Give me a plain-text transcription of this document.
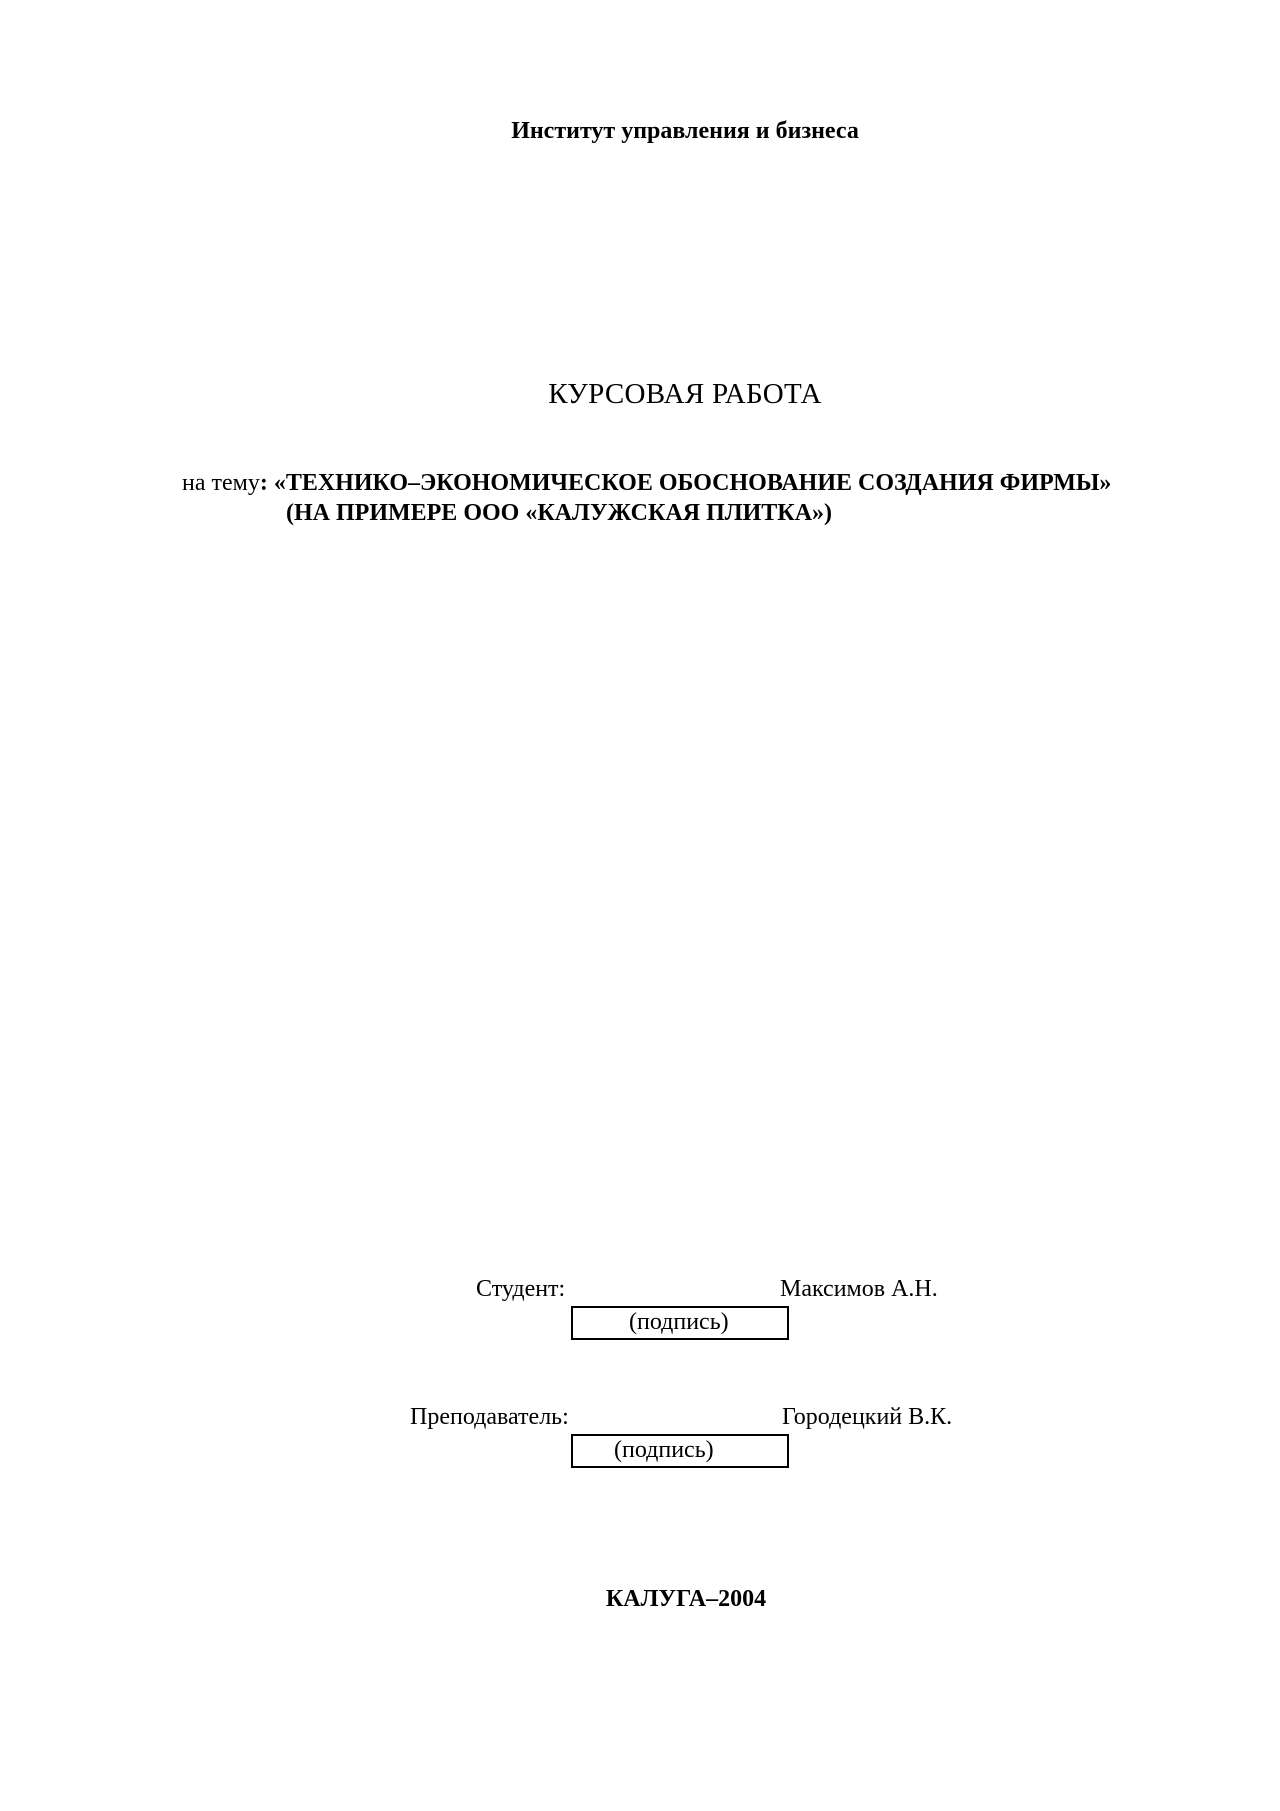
Институт управления и бизнеса
КУРСОВАЯ РАБОТА
на тему: «ТЕХНИКО–ЭКОНОМИЧЕСКОЕ ОБОСНОВАНИЕ СОЗДАНИЯ ФИРМЫ»
(НА ПРИМЕРЕ ООО «КАЛУЖСКАЯ ПЛИТКА»)
Студент:	Максимов А.Н.
(подпись)
Преподаватель:	Городецкий В.К.
(подпись)
КАЛУГА–2004
